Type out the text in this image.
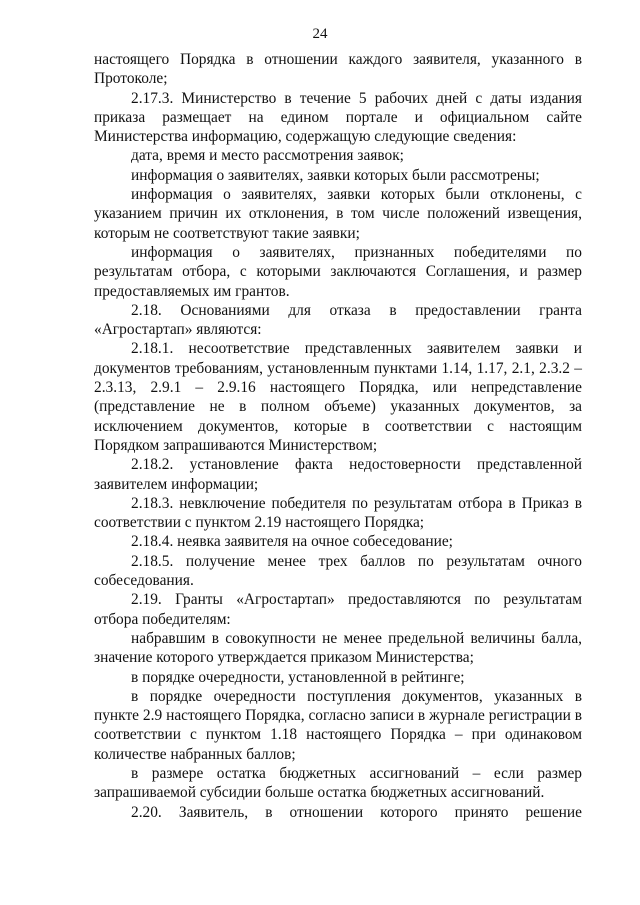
24

настоящего Порядка в отношении каждого заявителя, указанного в Протоколе;

2.17.3. Министерство в течение 5 рабочих дней с даты издания приказа размещает на едином портале и официальном сайте Министерства информацию, содержащую следующие сведения:

дата, время и место рассмотрения заявок;

информация о заявителях, заявки которых были рассмотрены;

информация о заявителях, заявки которых были отклонены, с указанием причин их отклонения, в том числе положений извещения, которым не соответствуют такие заявки;

информация о заявителях, признанных победителями по результатам отбора, с которыми заключаются Соглашения, и размер предоставляемых им грантов.

2.18. Основаниями для отказа в предоставлении гранта «Агростартап» являются:

2.18.1. несоответствие представленных заявителем заявки и документов требованиям, установленным пунктами 1.14, 1.17, 2.1, 2.3.2 – 2.3.13, 2.9.1 – 2.9.16 настоящего Порядка, или непредставление (представление не в полном объеме) указанных документов, за исключением документов, которые в соответствии с настоящим Порядком запрашиваются Министерством;

2.18.2. установление факта недостоверности представленной заявителем информации;

2.18.3. невключение победителя по результатам отбора в Приказ в соответствии с пунктом 2.19 настоящего Порядка;

2.18.4. неявка заявителя на очное собеседование;

2.18.5. получение менее трех баллов по результатам очного собеседования.

2.19. Гранты «Агростартап» предоставляются по результатам отбора победителям:

набравшим в совокупности не менее предельной величины балла, значение которого утверждается приказом Министерства;

в порядке очередности, установленной в рейтинге;

в порядке очередности поступления документов, указанных в пункте 2.9 настоящего Порядка, согласно записи в журнале регистрации в соответствии с пунктом 1.18 настоящего Порядка – при одинаковом количестве набранных баллов;

в размере остатка бюджетных ассигнований – если размер запрашиваемой субсидии больше остатка бюджетных ассигнований.

2.20. Заявитель, в отношении которого принято решение
